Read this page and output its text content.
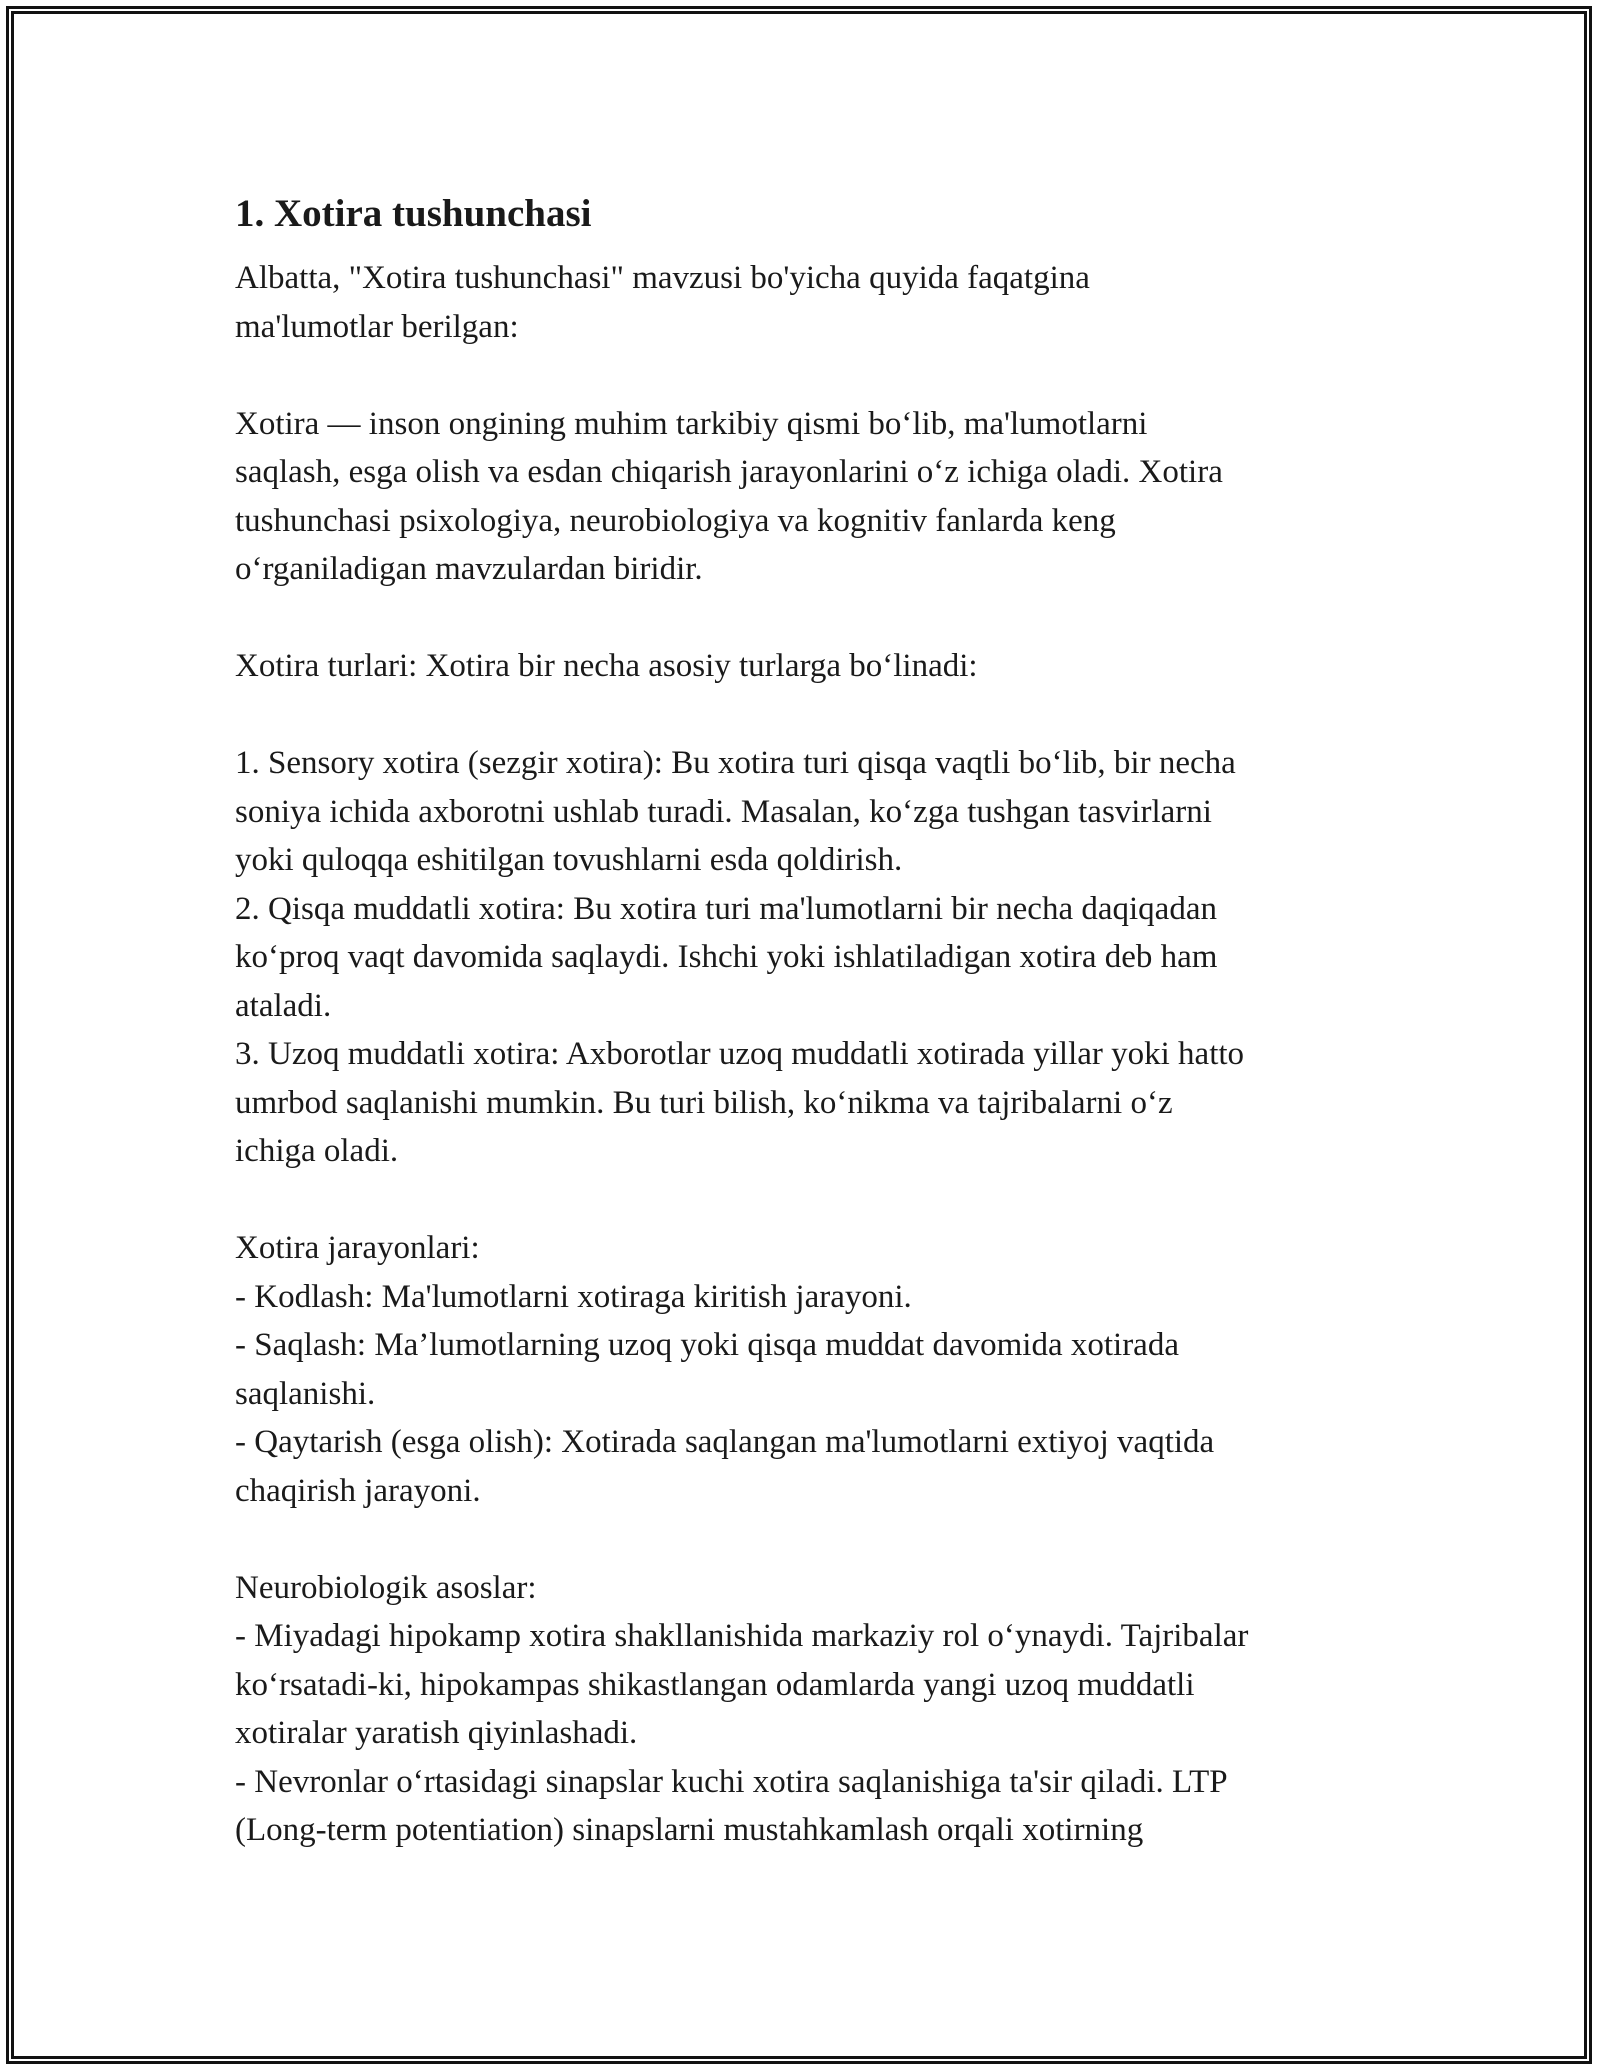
1. Xotira tushunchasi
Albatta, "Xotira tushunchasi" mavzusi bo'yicha quyida faqatgina
ma'lumotlar berilgan:
Xotira — inson ongining muhim tarkibiy qismi boʻlib, ma'lumotlarni
saqlash, esga olish va esdan chiqarish jarayonlarini oʻz ichiga oladi. Xotira
tushunchasi psixologiya, neurobiologiya va kognitiv fanlarda keng
oʻrganiladigan mavzulardan biridir.
Xotira turlari: Xotira bir necha asosiy turlarga boʻlinadi:
1. Sensory xotira (sezgir xotira): Bu xotira turi qisqa vaqtli boʻlib, bir necha
soniya ichida axborotni ushlab turadi. Masalan, koʻzga tushgan tasvirlarni
yoki quloqqa eshitilgan tovushlarni esda qoldirish.
2. Qisqa muddatli xotira: Bu xotira turi ma'lumotlarni bir necha daqiqadan
koʻproq vaqt davomida saqlaydi. Ishchi yoki ishlatiladigan xotira deb ham
ataladi.
3. Uzoq muddatli xotira: Axborotlar uzoq muddatli xotirada yillar yoki hatto
umrbod saqlanishi mumkin. Bu turi bilish, koʻnikma va tajribalarni oʻz
ichiga oladi.
Xotira jarayonlari:
- Kodlash: Ma'lumotlarni xotiraga kiritish jarayoni.
- Saqlash: Ma’lumotlarning uzoq yoki qisqa muddat davomida xotirada
saqlanishi.
- Qaytarish (esga olish): Xotirada saqlangan ma'lumotlarni extiyoj vaqtida
chaqirish jarayoni.
Neurobiologik asoslar:
- Miyadagi hipokamp xotira shakllanishida markaziy rol oʻynaydi. Tajribalar
koʻrsatadi-ki, hipokampas shikastlangan odamlarda yangi uzoq muddatli
xotiralar yaratish qiyinlashadi.
- Nevronlar oʻrtasidagi sinapslar kuchi xotira saqlanishiga ta'sir qiladi. LTP
(Long-term potentiation) sinapslarni mustahkamlash orqali xotirning
